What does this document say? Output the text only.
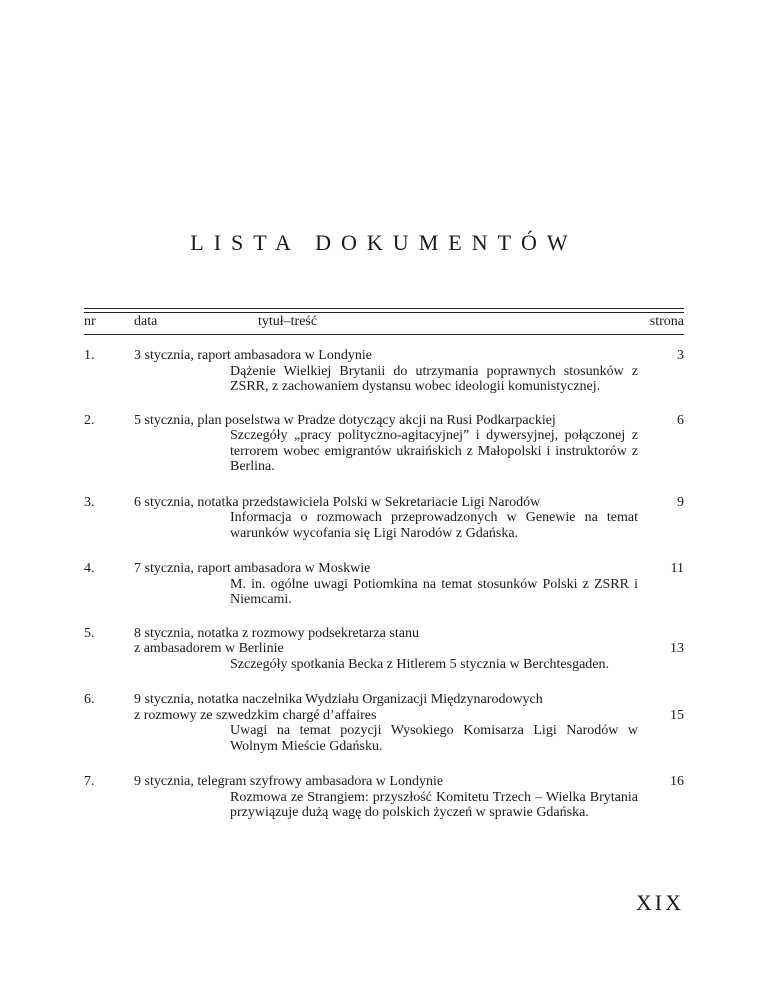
LISTA DOKUMENTÓW
nr	data	tytuł–treść	strona
1.	3 stycznia, raport ambasadora w Londynie	3
Dążenie Wielkiej Brytanii do utrzymania poprawnych stosunków z ZSRR, z zachowaniem dystansu wobec ideologii komunistycznej.
2.	5 stycznia, plan poselstwa w Pradze dotyczący akcji na Rusi Podkarpackiej	6
Szczegóły „pracy polityczno-agitacyjnej” i dywersyjnej, połączonej z terrorem wobec emigrantów ukraińskich z Małopolski i instruktorów z Berlina.
3.	6 stycznia, notatka przedstawiciela Polski w Sekretariacie Ligi Narodów	9
Informacja o rozmowach przeprowadzonych w Genewie na temat warunków wycofania się Ligi Narodów z Gdańska.
4.	7 stycznia, raport ambasadora w Moskwie	11
M. in. ogólne uwagi Potiomkina na temat stosunków Polski z ZSRR i Niemcami.
5.	8 stycznia, notatka z rozmowy podsekretarza stanu
z ambasadorem w Berlinie	13
Szczegóły spotkania Becka z Hitlerem 5 stycznia w Berchtesgaden.
6.	9 stycznia, notatka naczelnika Wydziału Organizacji Międzynarodowych
z rozmowy ze szwedzkim chargé d’affaires	15
Uwagi na temat pozycji Wysokiego Komisarza Ligi Narodów w Wolnym Mieście Gdańsku.
7.	9 stycznia, telegram szyfrowy ambasadora w Londynie	16
Rozmowa ze Strangiem: przyszłość Komitetu Trzech – Wielka Brytania przywiązuje dużą wagę do polskich życzeń w sprawie Gdańska.
XIX
